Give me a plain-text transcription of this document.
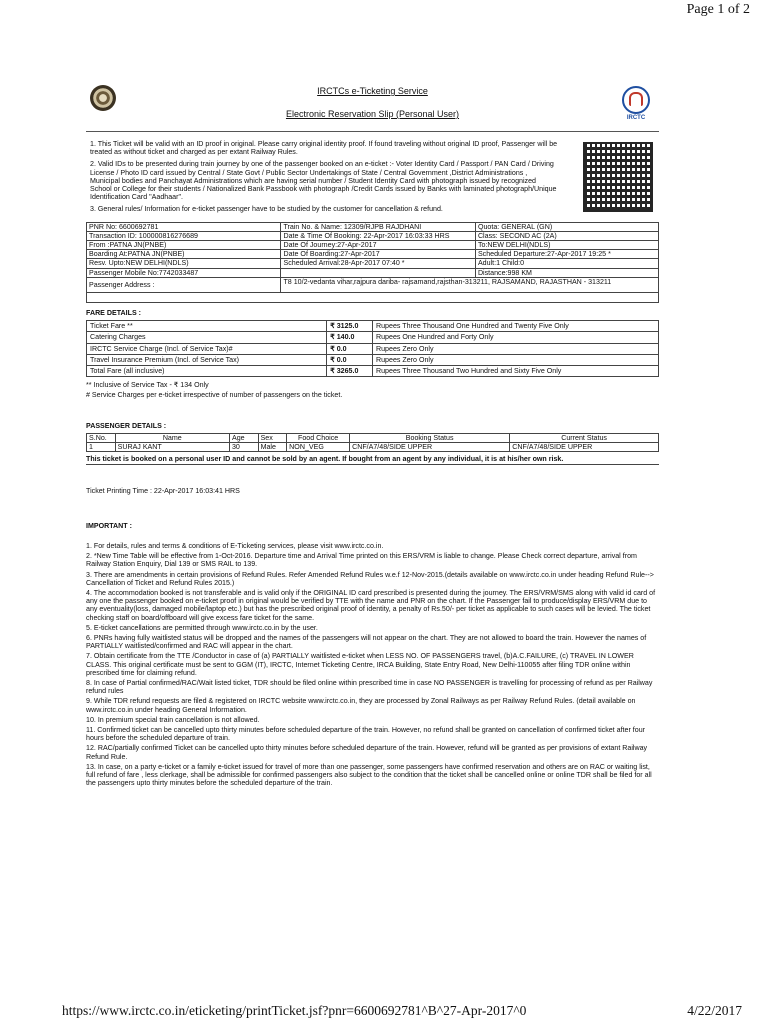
Page 1 of 2
IRCTCs e-Ticketing Service
Electronic Reservation Slip (Personal User)	IRCTC

1. This Ticket will be valid with an ID proof in original. Please carry original identity proof. If found traveling without original ID proof, Passenger will be treated as without ticket and charged as per extant Railway Rules.

2. Valid IDs to be presented during train journey by one of the passenger booked on an e-ticket :- Voter Identity Card / Passport / PAN Card / Driving License / Photo ID card issued by Central / State Govt / Public Sector Undertakings of State / Central Government ,District Administrations , Municipal bodies and Panchayat Administrations which are having serial number / Student Identity Card with photograph issued by recognized School or College for their students / Nationalized Bank Passbook with photograph /Credit Cards issued by Banks with laminated photograph/Unique Identification Card "Aadhaar".

3. General rules/ Information for e-ticket passenger have to be studied by the customer for cancellation & refund.

PNR No: 6600692781	Train No. & Name: 12309/RJPB RAJDHANI	Quota: GENERAL (GN)
Transaction ID: 100000816276689	Date & Time Of Booking: 22-Apr-2017 16:03:33 HRS	Class: SECOND AC (2A)
From :PATNA JN(PNBE)	Date Of Journey:27-Apr-2017	To:NEW DELHI(NDLS)
Boarding At:PATNA JN(PNBE)	Date Of Boarding:27-Apr-2017	Scheduled Departure:27-Apr-2017 19:25 *
Resv. Upto:NEW DELHI(NDLS)	Scheduled Arrival:28-Apr-2017 07:40 *	Adult:1 Child:0
Passenger Mobile No:7742033487		Distance:998 KM
Passenger Address :	T8 10/2-vedanta vihar,rajpura dariba- rajsamand,rajsthan-313211, RAJSAMAND, RAJASTHAN - 313211	

FARE DETAILS :
Ticket Fare **	₹ 3125.0	Rupees Three Thousand One Hundred and Twenty Five Only
Catering Charges	₹ 140.0	Rupees One Hundred and Forty Only
IRCTC Service Charge (Incl. of Service Tax)#	₹ 0.0	Rupees Zero Only
Travel Insurance Premium (Incl. of Service Tax)	₹ 0.0	Rupees Zero Only
Total Fare (all inclusive)	₹ 3265.0	Rupees Three Thousand Two Hundred and Sixty Five Only
** Inclusive of Service Tax - ₹ 134 Only
# Service Charges per e-ticket irrespective of number of passengers on the ticket.
PASSENGER DETAILS :
S.No.	Name	Age	Sex	Food Choice	Booking Status	Current Status
1	SURAJ KANT	30	Male	NON_VEG	CNF/A7/48/SIDE UPPER	CNF/A7/48/SIDE UPPER
This ticket is booked on a personal user ID and cannot be sold by an agent. If bought from an agent by any individual, it is at his/her own risk.
Ticket Printing Time : 22-Apr-2017 16:03:41 HRS
IMPORTANT :

1. For details, rules and terms & conditions of E-Ticketing services, please visit www.irctc.co.in.

2. *New Time Table will be effective from 1-Oct-2016. Departure time and Arrival Time printed on this ERS/VRM is liable to change. Please Check correct departure, arrival from Railway Station Enquiry, Dial 139 or SMS RAIL to 139.

3. There are amendments in certain provisions of Refund Rules. Refer Amended Refund Rules w.e.f 12-Nov-2015.(details available on www.irctc.co.in under heading Refund Rule--> Cancellation of Ticket and Refund Rules 2015.)

4. The accommodation booked is not transferable and is valid only if the ORIGINAL ID card prescribed is presented during the journey. The ERS/VRM/SMS along with valid id card of any one the passenger booked on e-ticket proof in original would be verified by TTE with the name and PNR on the chart. If the Passenger fail to produce/display ERS/VRM due to any eventuality(loss, damaged mobile/laptop etc.) but has the prescribed original proof of identity, a penalty of Rs.50/- per ticket as applicable to such cases will be levied. The ticket checking staff on board/offboard will give excess fare ticket for the same.

5. E-ticket cancellations are permitted through www.irctc.co.in by the user.

6. PNRs having fully waitlisted status will be dropped and the names of the passengers will not appear on the chart. They are not allowed to board the train. However the names of PARTIALLY waitlisted/confirmed and RAC will appear in the chart.

7. Obtain certificate from the TTE /Conductor in case of (a) PARTIALLY waitlisted e-ticket when LESS NO. OF PASSENGERS travel, (b)A.C.FAILURE, (c) TRAVEL IN LOWER CLASS. This original certificate must be sent to GGM (IT), IRCTC, Internet Ticketing Centre, IRCA Building, State Entry Road, New Delhi-110055 after filing TDR online within prescribed time for claiming refund.

8. In case of Partial confirmed/RAC/Wait listed ticket, TDR should be filed online within prescribed time in case NO PASSENGER is travelling for processing of refund as per Railway refund rules

9. While TDR refund requests are filed & registered on IRCTC website www.irctc.co.in, they are processed by Zonal Railways as per Railway Refund Rules. (detail available on www.irctc.co.in under heading General Information.

10. In premium special train cancellation is not allowed.

11. Confirmed ticket can be cancelled upto thirty minutes before scheduled departure of the train. However, no refund shall be granted on cancellation of confirmed ticket after four hours before the scheduled departure of train.

12. RAC/partially confirmed Ticket can be cancelled upto thirty minutes before scheduled departure of the train. However, refund will be granted as per provisions of extant Railway Refund Rule.

13. In case, on a party e-ticket or a family e-ticket issued for travel of more than one passenger, some passengers have confirmed reservation and others are on RAC or waiting list, full refund of fare , less clerkage, shall be admissible for confirmed passengers also subject to the condition that the ticket shall be cancelled online or online TDR shall be filed for all the passengers upto thirty minutes before the scheduled departure of the train.

https://www.irctc.co.in/eticketing/printTicket.jsf?pnr=6600692781^B^27-Apr-2017^0	4/22/2017
